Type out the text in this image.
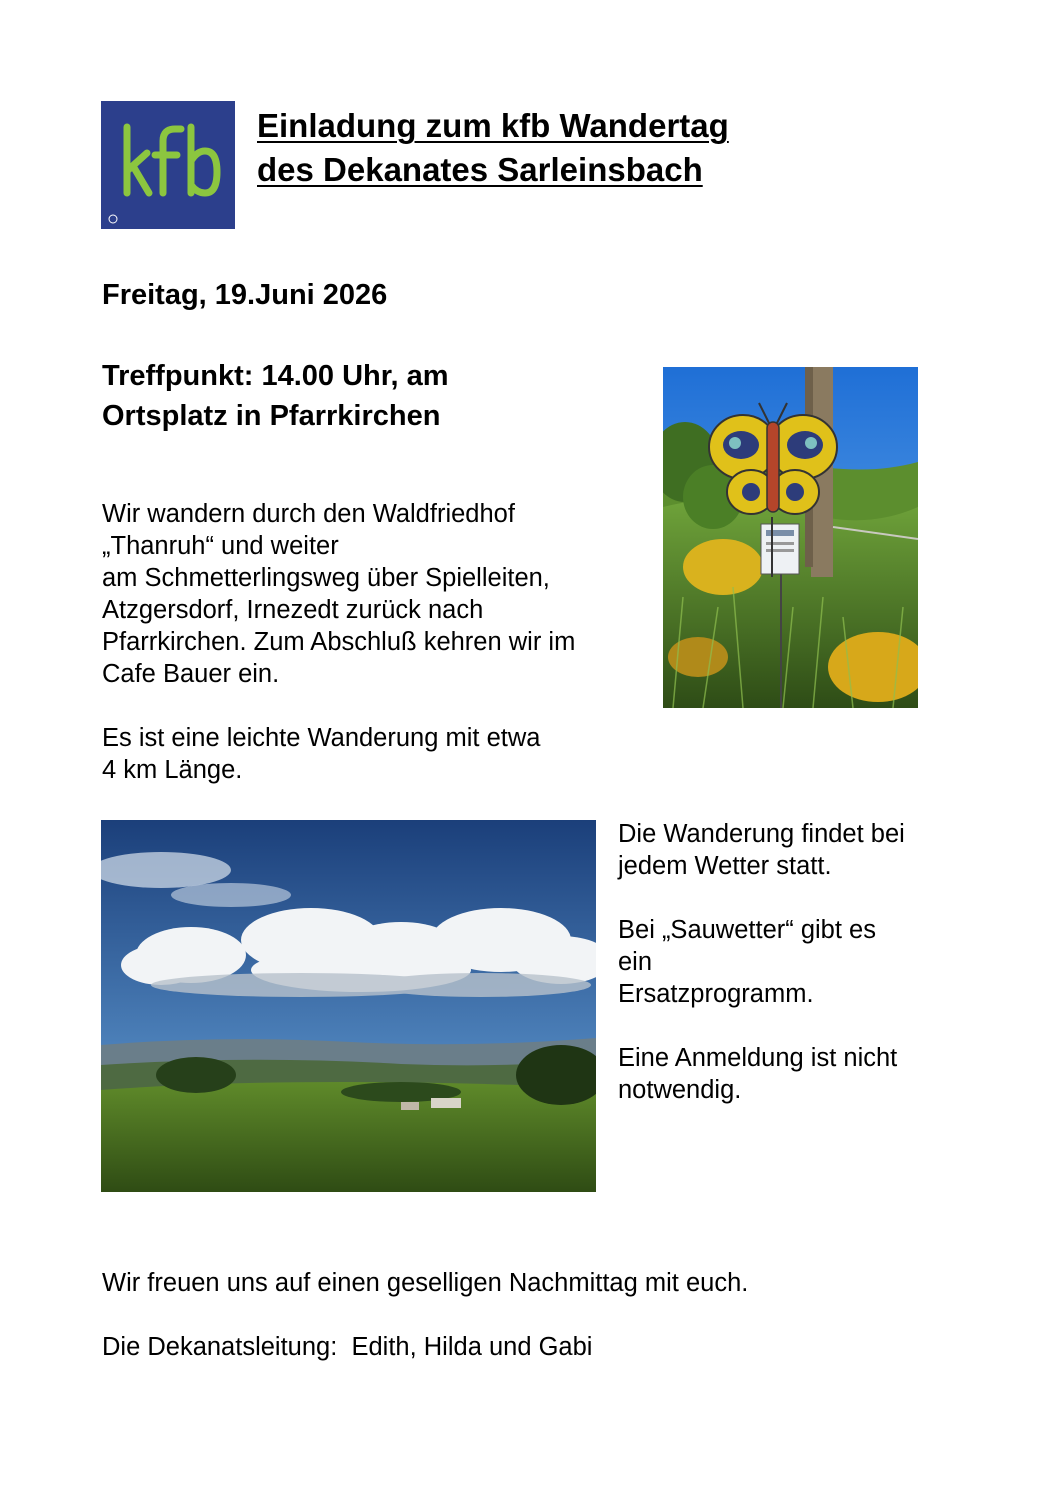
Einladung zum kfb Wandertag
des Dekanates Sarleinsbach
Freitag, 19.Juni 2026
Treffpunkt: 14.00 Uhr, am
Ortsplatz in Pfarrkirchen
Wir wandern durch den Waldfriedhof
„Thanruh“ und weiter
am Schmetterlingsweg über Spielleiten,
Atzgersdorf, Irnezedt zurück nach
Pfarrkirchen. Zum Abschluß kehren wir im
Cafe Bauer ein.
Es ist eine leichte Wanderung mit etwa
4 km Länge.
Die Wanderung findet bei
jedem Wetter statt.
Bei „Sauwetter“ gibt es
ein
Ersatzprogramm.
Eine Anmeldung ist nicht
notwendig.
Wir freuen uns auf einen geselligen Nachmittag mit euch.
Die Dekanatsleitung:  Edith, Hilda und Gabi
